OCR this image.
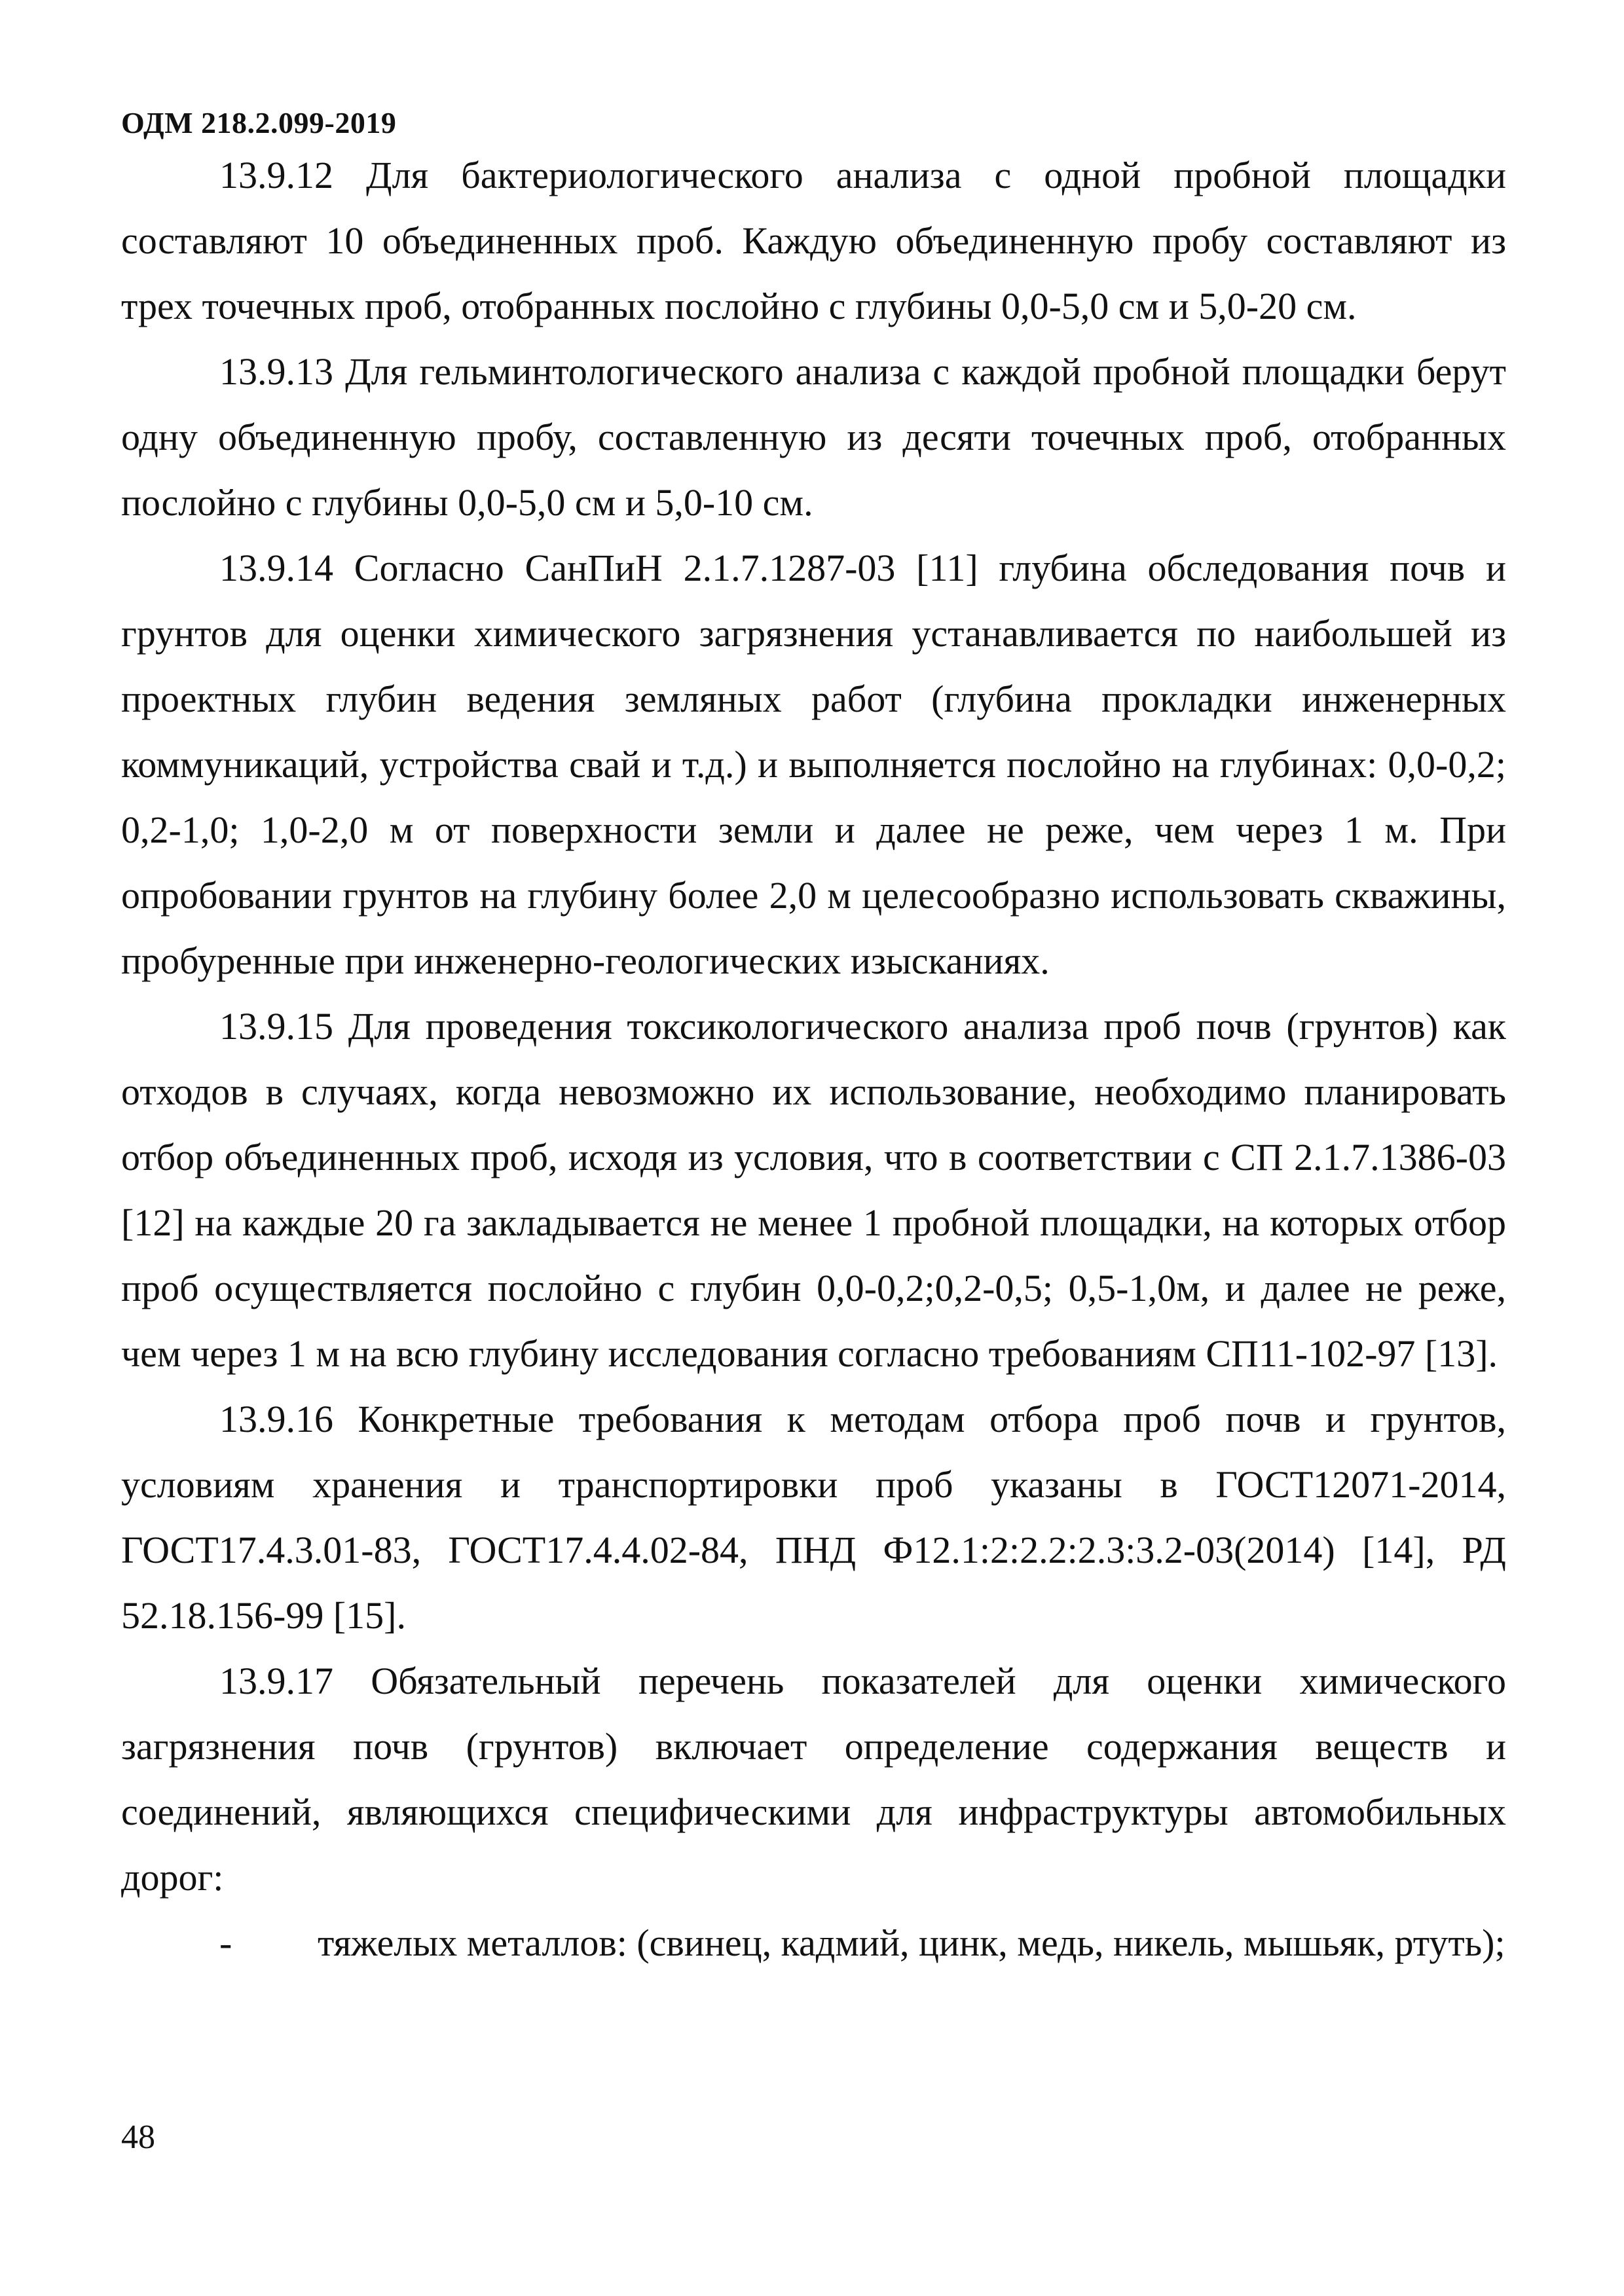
ОДМ 218.2.099-2019

13.9.12 Для бактериологического анализа с одной пробной площадки составляют 10 объединенных проб. Каждую объединенную пробу составляют из трех точечных проб, отобранных послойно с глубины 0,0-5,0 см и 5,0-20 см.

13.9.13 Для гельминтологического анализа с каждой пробной площадки берут одну объединенную пробу, составленную из десяти точечных проб, отобранных послойно с глубины 0,0-5,0 см и 5,0-10 см.

13.9.14 Согласно СанПиН 2.1.7.1287-03 [11] глубина обследования почв и грунтов для оценки химического загрязнения устанавливается по наибольшей из проектных глубин ведения земляных работ (глубина прокладки инженерных коммуникаций, устройства свай и т.д.) и выполняется послойно на глубинах: 0,0-0,2; 0,2-1,0; 1,0-2,0 м от поверхности земли и далее не реже, чем через 1 м. При опробовании грунтов на глубину более 2,0 м целесообразно использовать скважины, пробуренные при инженерно-геологических изысканиях.

13.9.15 Для проведения токсикологического анализа проб почв (грунтов) как отходов в случаях, когда невозможно их использование, необходимо планировать отбор объединенных проб, исходя из условия, что в соответствии с СП 2.1.7.1386-03 [12] на каждые 20 га закладывается не менее 1 пробной площадки, на которых отбор проб осуществляется послойно с глубин 0,0-0,2;0,2-0,5; 0,5-1,0м, и далее не реже, чем через 1 м на всю глубину исследования согласно требованиям СП11-102-97 [13].

13.9.16 Конкретные требования к методам отбора проб почв и грунтов, условиям хранения и транспортировки проб указаны в ГОСТ12071-2014, ГОСТ17.4.3.01-83, ГОСТ17.4.4.02-84, ПНД Ф12.1:2:2.2:2.3:3.2-03(2014) [14], РД 52.18.156-99 [15].

13.9.17 Обязательный перечень показателей для оценки химического загрязнения почв (грунтов) включает определение содержания веществ и соединений, являющихся специфическими для инфраструктуры автомобильных дорог:

- тяжелых металлов: (свинец, кадмий, цинк, медь, никель, мышьяк, ртуть);

48
